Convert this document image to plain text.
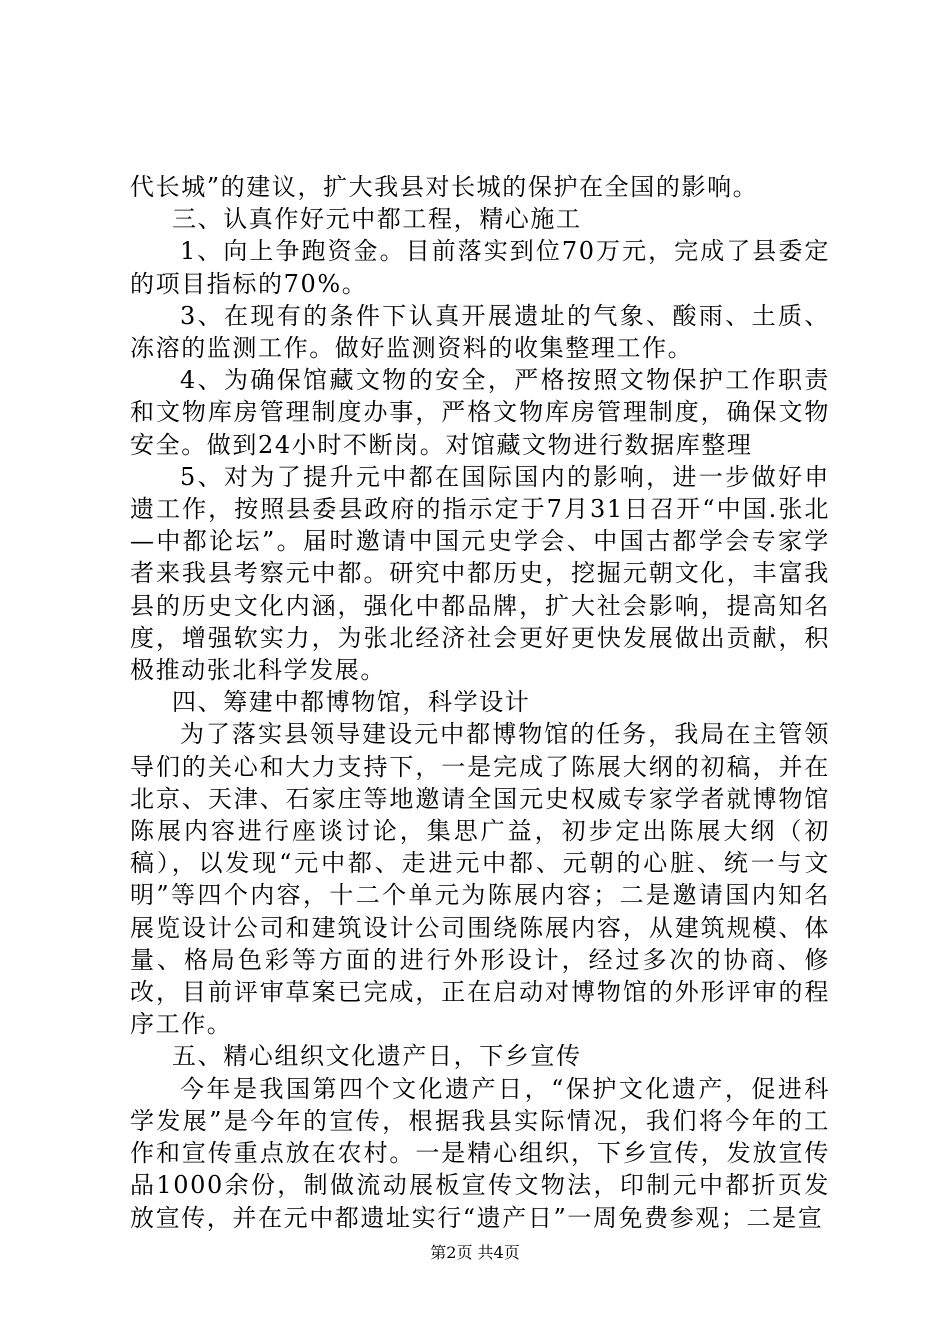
代长城”的建议，扩大我县对长城的保护在全国的影响。

三、认真作好元中都工程，精心施工

1、向上争跑资金。目前落实到位70万元，完成了县委定的项目指标的70%。

3、在现有的条件下认真开展遗址的气象、酸雨、土质、冻溶的监测工作。做好监测资料的收集整理工作。

4、为确保馆藏文物的安全，严格按照文物保护工作职责和文物库房管理制度办事，严格文物库房管理制度，确保文物安全。做到24小时不断岗。对馆藏文物进行数据库整理

5、对为了提升元中都在国际国内的影响，进一步做好申遗工作，按照县委县政府的指示定于7月31日召开“中国.张北—中都论坛”。届时邀请中国元史学会、中国古都学会专家学者来我县考察元中都。研究中都历史，挖掘元朝文化，丰富我县的历史文化内涵，强化中都品牌，扩大社会影响，提高知名度，增强软实力，为张北经济社会更好更快发展做出贡献，积极推动张北科学发展。

四、筹建中都博物馆，科学设计

为了落实县领导建设元中都博物馆的任务，我局在主管领导们的关心和大力支持下，一是完成了陈展大纲的初稿，并在北京、天津、石家庄等地邀请全国元史权威专家学者就博物馆陈展内容进行座谈讨论，集思广益，初步定出陈展大纲（初稿），以发现“元中都、走进元中都、元朝的心脏、统一与文明”等四个内容，十二个单元为陈展内容；二是邀请国内知名展览设计公司和建筑设计公司围绕陈展内容，从建筑规模、体量、格局色彩等方面的进行外形设计，经过多次的协商、修改，目前评审草案已完成，正在启动对博物馆的外形评审的程序工作。

五、精心组织文化遗产日，下乡宣传

今年是我国第四个文化遗产日，“保护文化遗产，促进科学发展”是今年的宣传，根据我县实际情况，我们将今年的工作和宣传重点放在农村。一是精心组织，下乡宣传，发放宣传品1000余份，制做流动展板宣传文物法，印制元中都折页发放宣传，并在元中都遗址实行“遗产日”一周免费参观；二是宣

第2页 共4页
